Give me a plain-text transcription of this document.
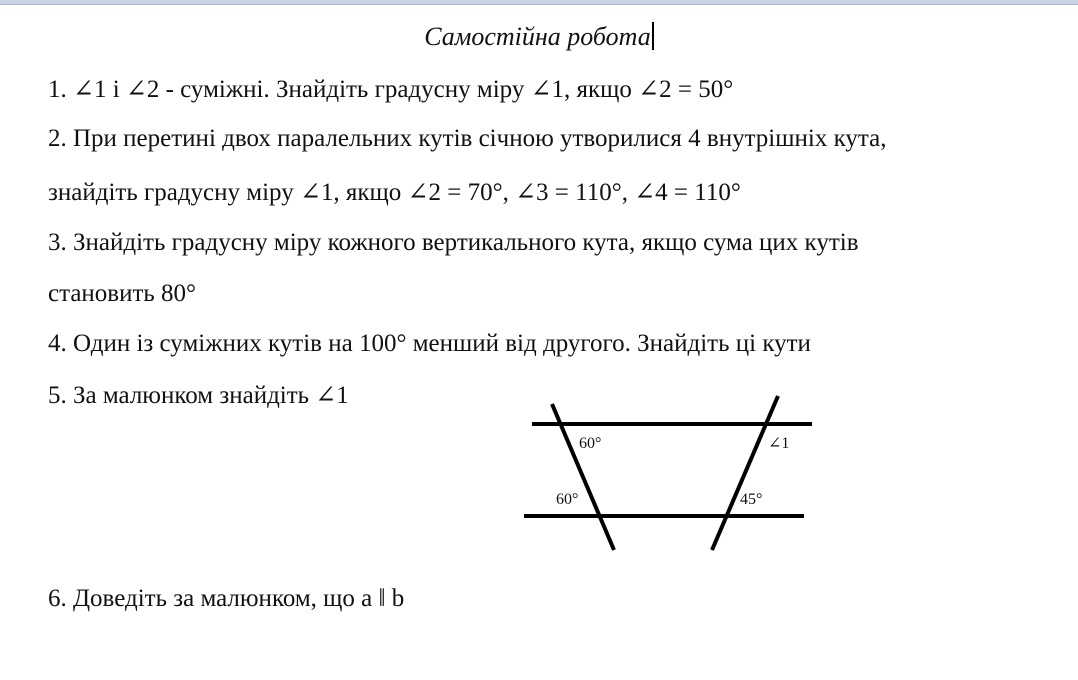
Самостійна робота
1. ∠1 і ∠2 - суміжні. Знайдіть градусну міру ∠1, якщо ∠2 = 50°
2. При перетині двох паралельних кутів січною утворилися 4 внутрішніх кута,
знайдіть градусну міру ∠1, якщо ∠2 = 70°, ∠3 = 110°, ∠4 = 110°
3. Знайдіть градусну міру кожного вертикального кута, якщо сума цих кутів
становить 80°
4. Один із суміжних кутів на 100° менший від другого. Знайдіть ці кути
5. За малюнком знайдіть ∠1
60°	∠1
60°	45°
6. Доведіть за малюнком, що a ‖ b
